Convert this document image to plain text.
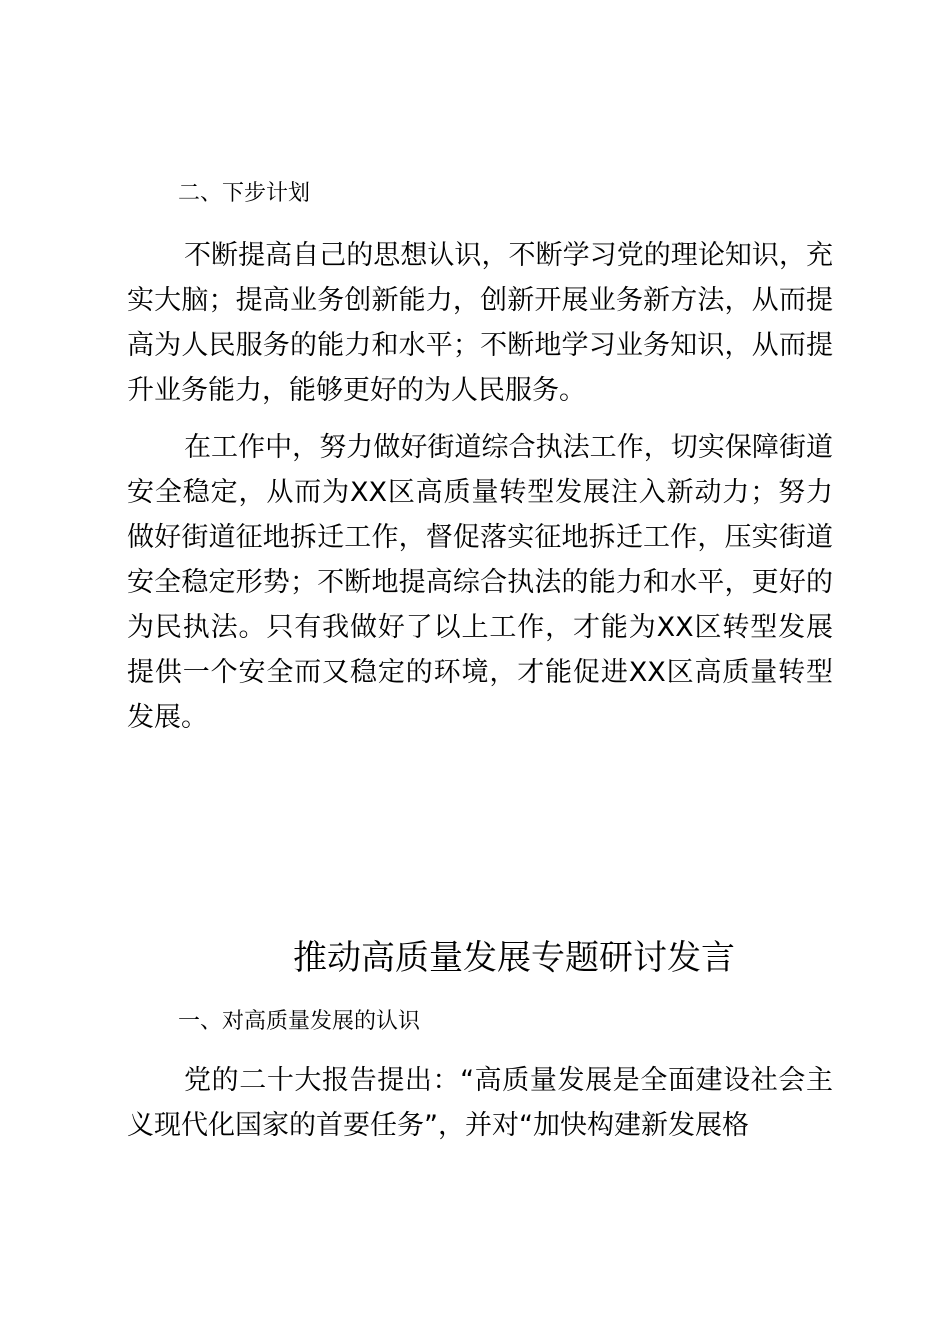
二、下步计划

不断提高自己的思想认识，不断学习党的理论知识，充实大脑；提高业务创新能力，创新开展业务新方法，从而提高为人民服务的能力和水平；不断地学习业务知识，从而提升业务能力，能够更好的为人民服务。

在工作中，努力做好街道综合执法工作，切实保障街道安全稳定，从而为XX区高质量转型发展注入新动力；努力做好街道征地拆迁工作，督促落实征地拆迁工作，压实街道安全稳定形势；不断地提高综合执法的能力和水平，更好的为民执法。只有我做好了以上工作，才能为XX区转型发展提供一个安全而又稳定的环境，才能促进XX区高质量转型发展。

推动高质量发展专题研讨发言
一、对高质量发展的认识

党的二十大报告提出：“高质量发展是全面建设社会主义现代化国家的首要任务”，并对“加快构建新发展格
